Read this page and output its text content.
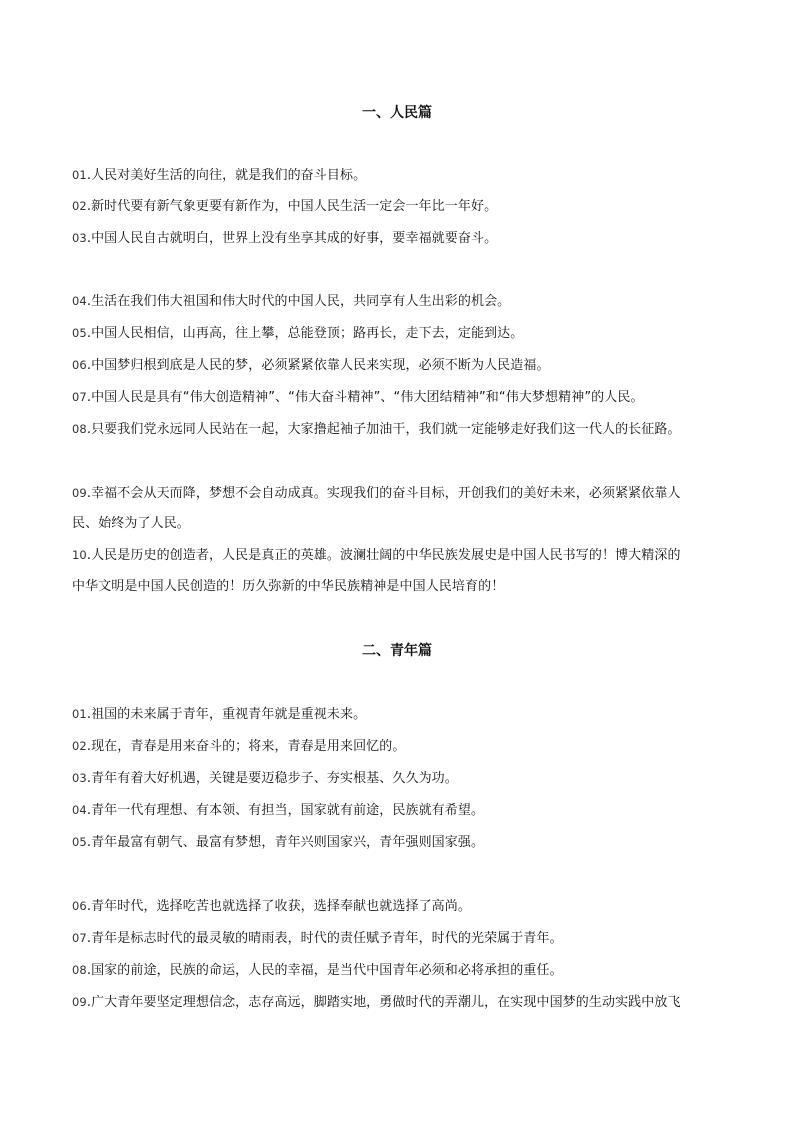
一、人民篇
01.人民对美好生活的向往，就是我们的奋斗目标。
02.新时代要有新气象更要有新作为，中国人民生活一定会一年比一年好。
03.中国人民自古就明白，世界上没有坐享其成的好事，要幸福就要奋斗。
04.生活在我们伟大祖国和伟大时代的中国人民，共同享有人生出彩的机会。
05.中国人民相信，山再高，往上攀，总能登顶；路再长，走下去，定能到达。
06.中国梦归根到底是人民的梦，必须紧紧依靠人民来实现，必须不断为人民造福。
07.中国人民是具有“伟大创造精神”、“伟大奋斗精神”、“伟大团结精神”和“伟大梦想精神”的人民。
08.只要我们党永远同人民站在一起，大家撸起袖子加油干，我们就一定能够走好我们这一代人的长征路。
09.幸福不会从天而降，梦想不会自动成真。实现我们的奋斗目标，开创我们的美好未来，必须紧紧依靠人
民、始终为了人民。
10.人民是历史的创造者，人民是真正的英雄。波澜壮阔的中华民族发展史是中国人民书写的！博大精深的
中华文明是中国人民创造的！历久弥新的中华民族精神是中国人民培育的！
二、青年篇
01.祖国的未来属于青年，重视青年就是重视未来。
02.现在，青春是用来奋斗的；将来，青春是用来回忆的。
03.青年有着大好机遇，关键是要迈稳步子、夯实根基、久久为功。
04.青年一代有理想、有本领、有担当，国家就有前途，民族就有希望。
05.青年最富有朝气、最富有梦想，青年兴则国家兴，青年强则国家强。
06.青年时代，选择吃苦也就选择了收获，选择奉献也就选择了高尚。
07.青年是标志时代的最灵敏的晴雨表，时代的责任赋予青年，时代的光荣属于青年。
08.国家的前途，民族的命运，人民的幸福，是当代中国青年必须和必将承担的重任。
09.广大青年要坚定理想信念，志存高远，脚踏实地，勇做时代的弄潮儿，在实现中国梦的生动实践中放飞
